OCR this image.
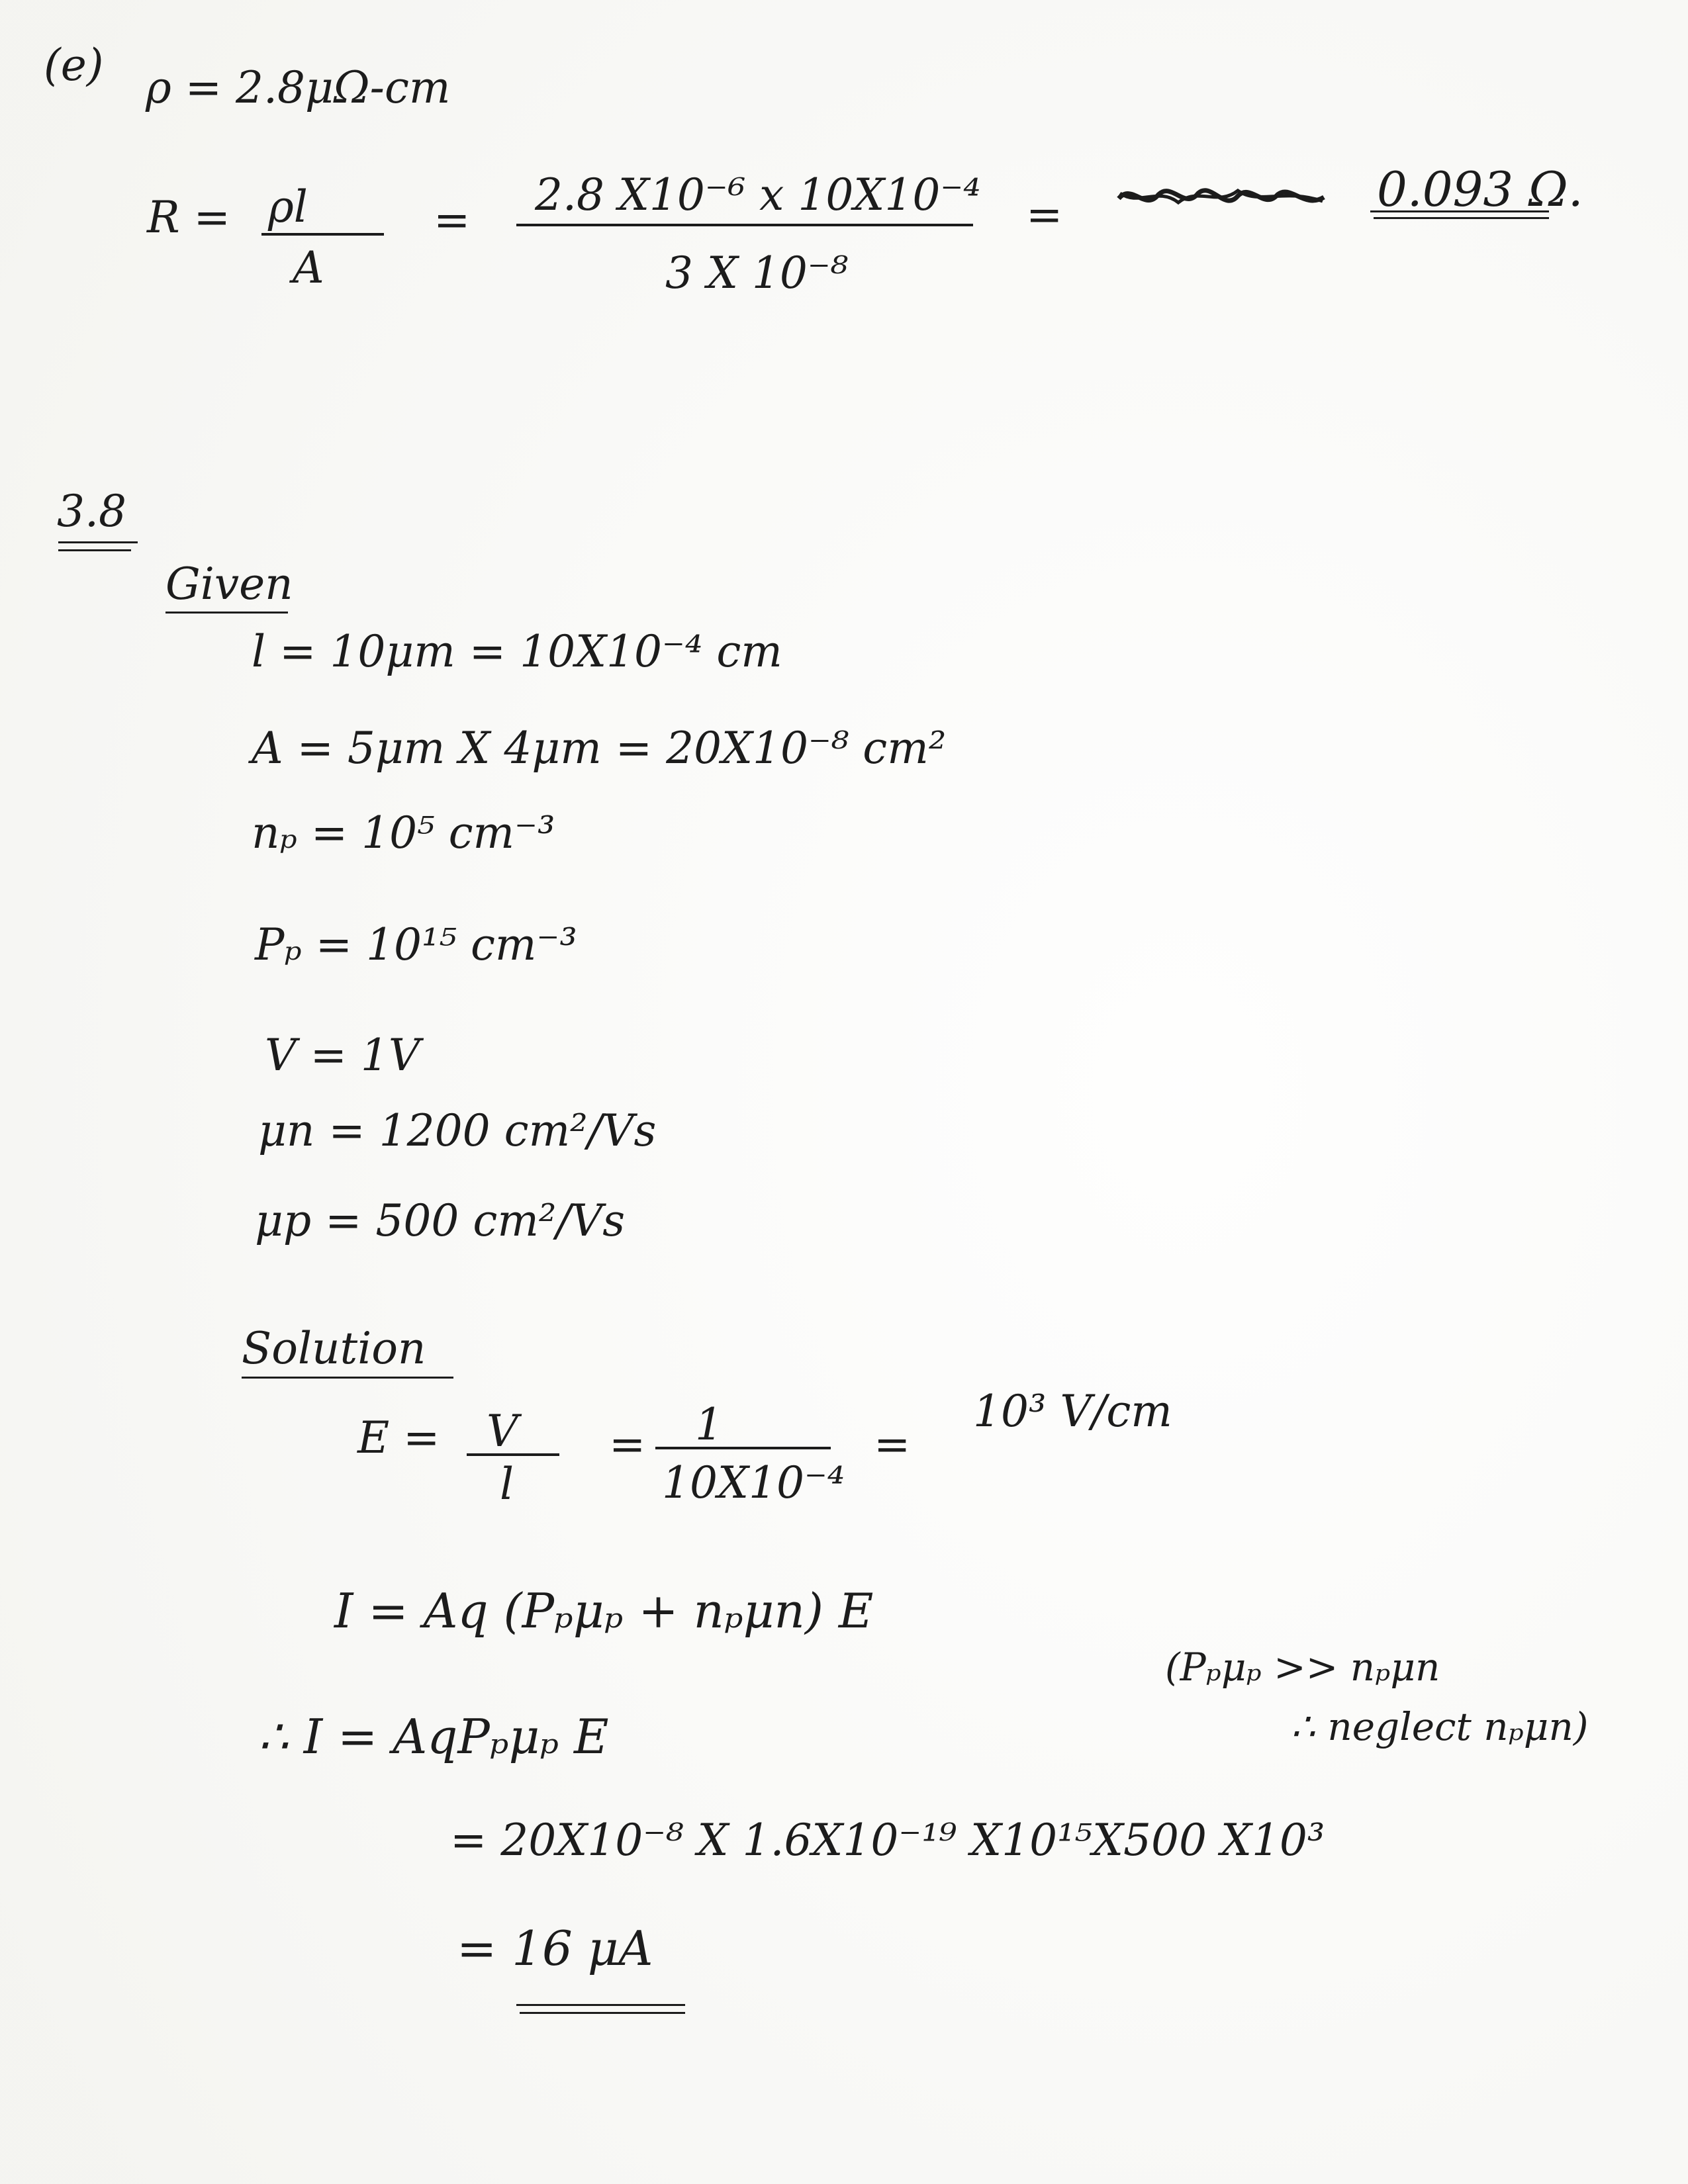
(e) ρ = 2.8μΩ-cm
R = ρl
A
= 2.8 X10⁻⁶ x 10X10⁻⁴
3 X 10⁻⁸
=	0.093 Ω.
3.8
Given
l = 10μm = 10X10⁻⁴ cm
A = 5μm X 4μm = 20X10⁻⁸ cm²
nₚ = 10⁵ cm⁻³
Pₚ = 10¹⁵ cm⁻³
V = 1V
μn = 1200 cm²/Vs
μp = 500 cm²/Vs
Solution
E = V
l
= 1
10X10⁻⁴
=
10³ V/cm
I = Aq (Pₚμₚ + nₚμn) E
(Pₚμₚ >> nₚμn
∴ neglect nₚμn)
∴ I = AqPₚμₚ E
= 20X10⁻⁸ X 1.6X10⁻¹⁹ X10¹⁵X500 X10³
= 16 μA
